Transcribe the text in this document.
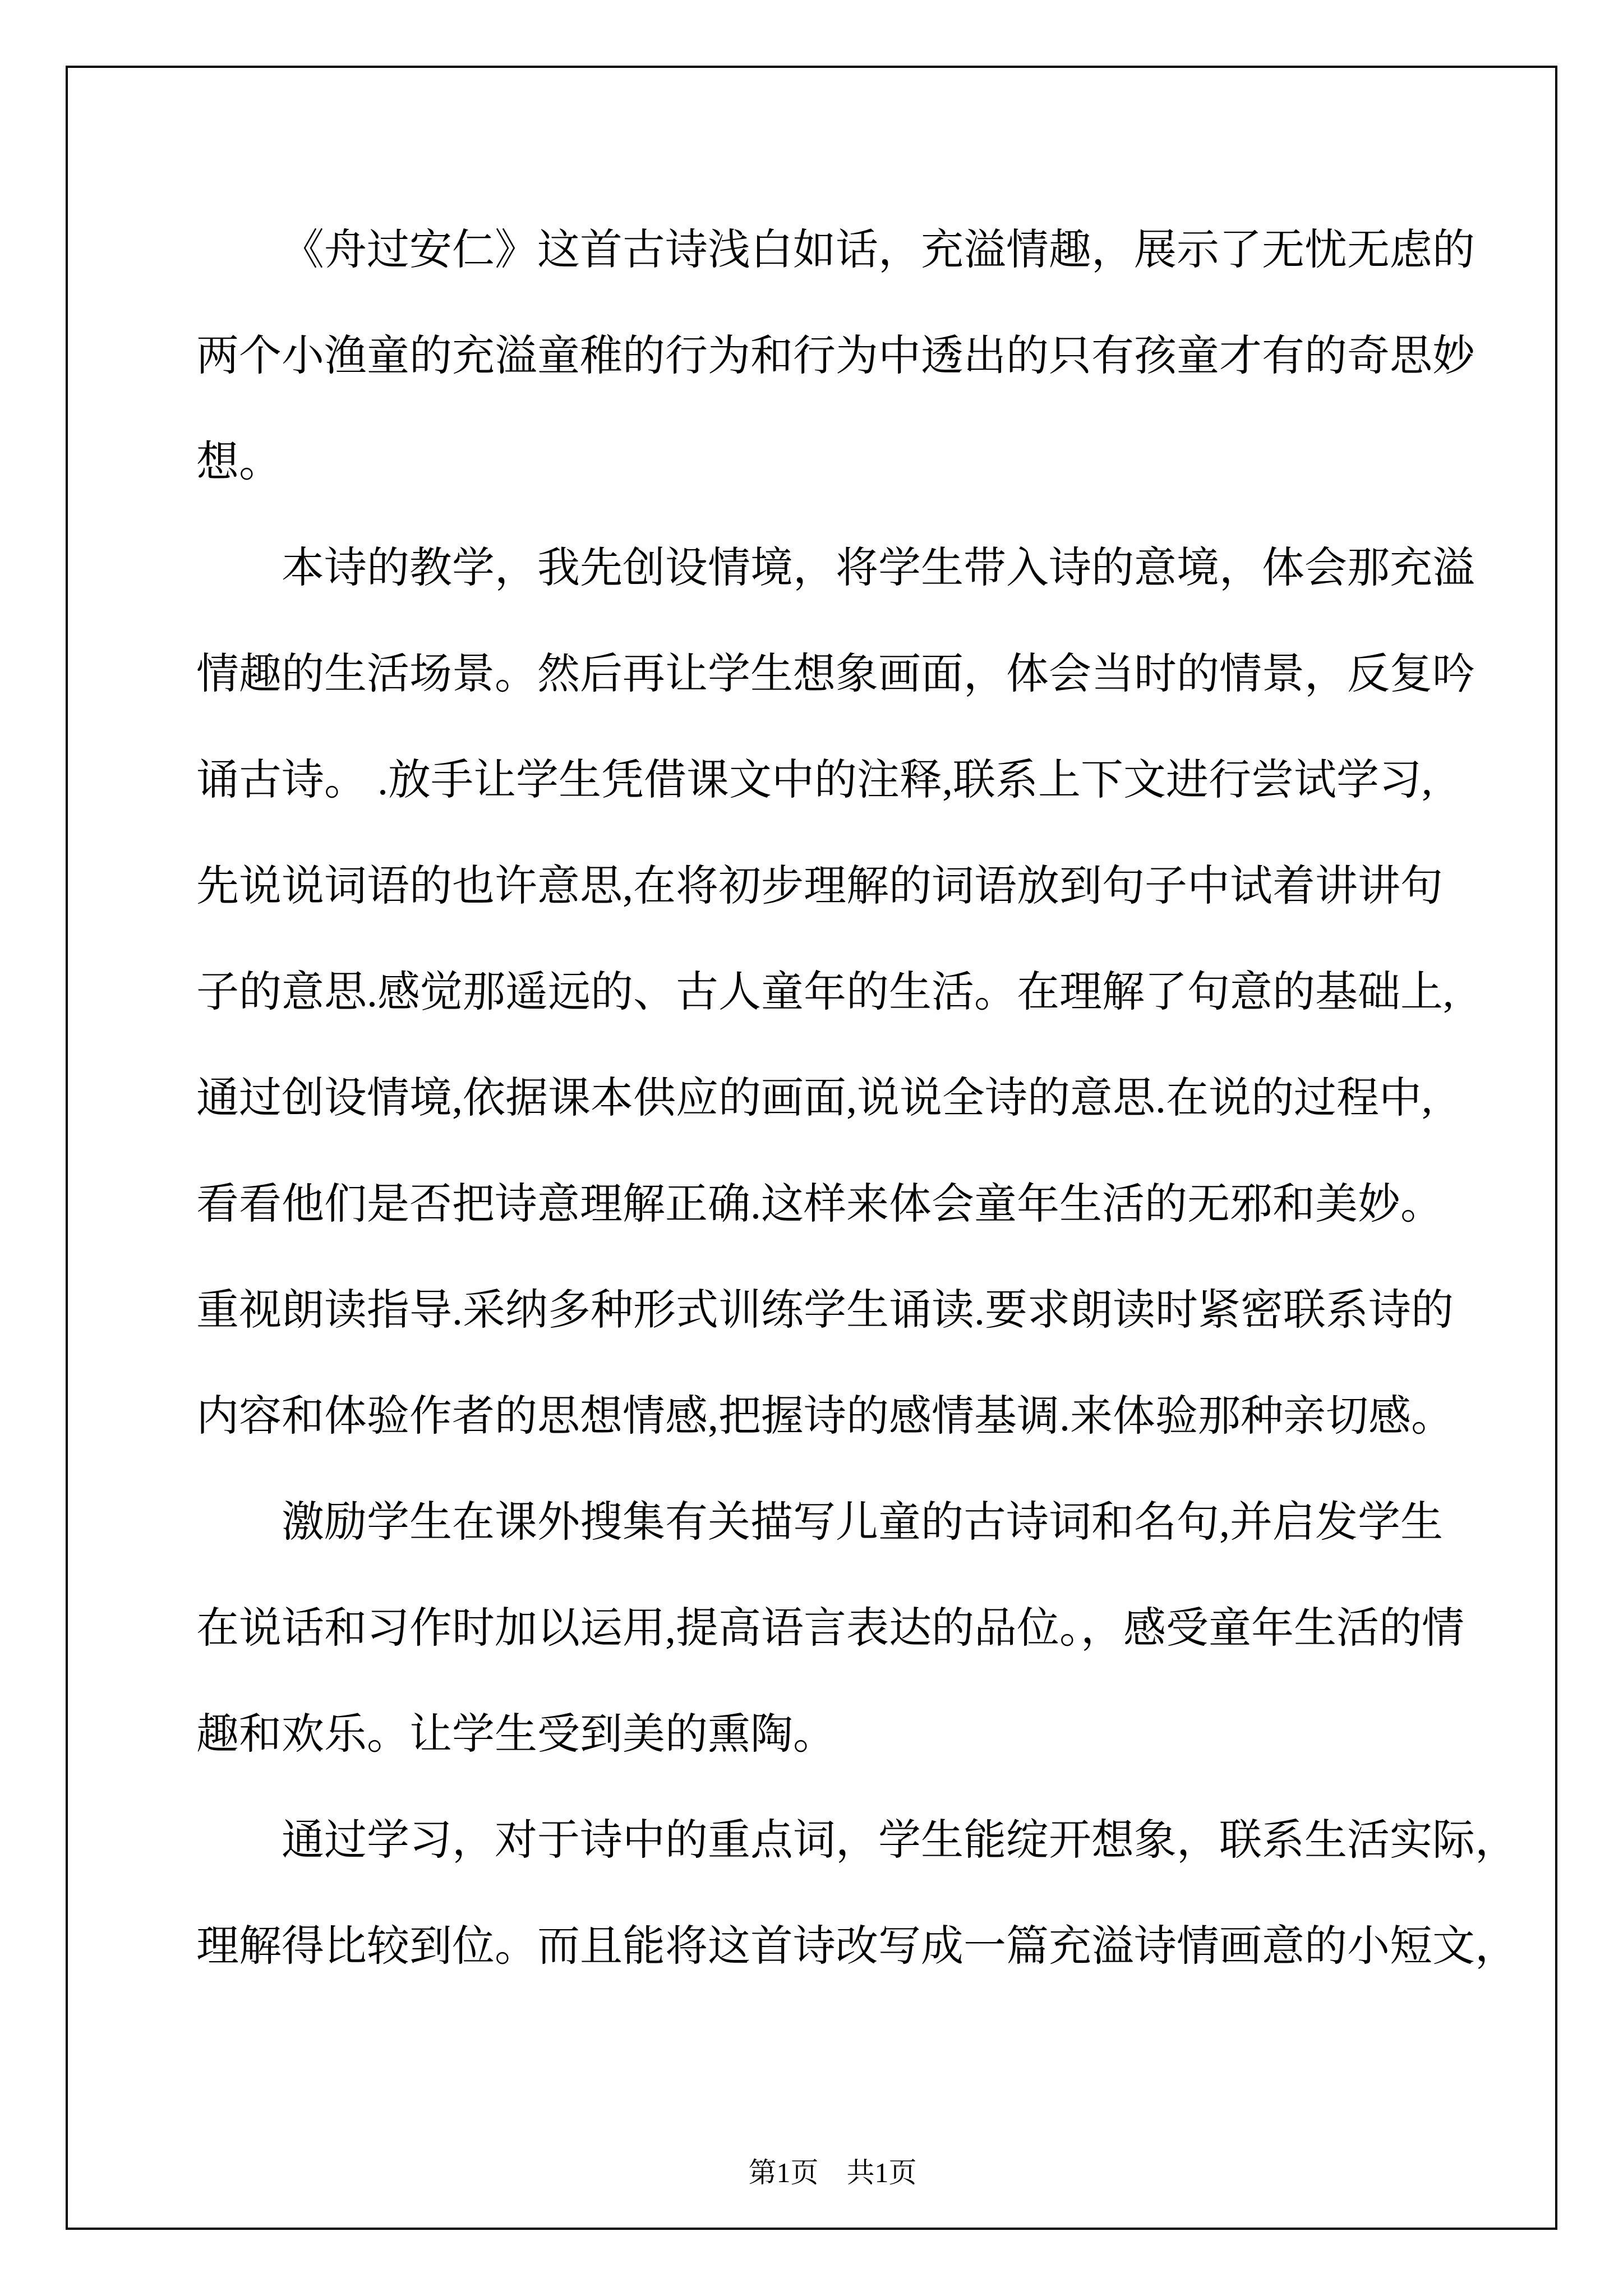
《舟过安仁》这首古诗浅白如话，充溢情趣，展示了无忧无虑的
两个小渔童的充溢童稚的行为和行为中透出的只有孩童才有的奇思妙
想。
本诗的教学，我先创设情境，将学生带入诗的意境，体会那充溢
情趣的生活场景。然后再让学生想象画面，体会当时的情景，反复吟
诵古诗。 .放手让学生凭借课文中的注释,联系上下文进行尝试学习,
先说说词语的也许意思,在将初步理解的词语放到句子中试着讲讲句
子的意思.感觉那遥远的、古人童年的生活。在理解了句意的基础上,
通过创设情境,依据课本供应的画面,说说全诗的意思.在说的过程中,
看看他们是否把诗意理解正确.这样来体会童年生活的无邪和美妙。
重视朗读指导.采纳多种形式训练学生诵读.要求朗读时紧密联系诗的
内容和体验作者的思想情感,把握诗的感情基调.来体验那种亲切感。
激励学生在课外搜集有关描写儿童的古诗词和名句,并启发学生
在说话和习作时加以运用,提高语言表达的品位。，感受童年生活的情
趣和欢乐。让学生受到美的熏陶。
通过学习，对于诗中的重点词，学生能绽开想象，联系生活实际，
理解得比较到位。而且能将这首诗改写成一篇充溢诗情画意的小短文，

第1页　共1页
